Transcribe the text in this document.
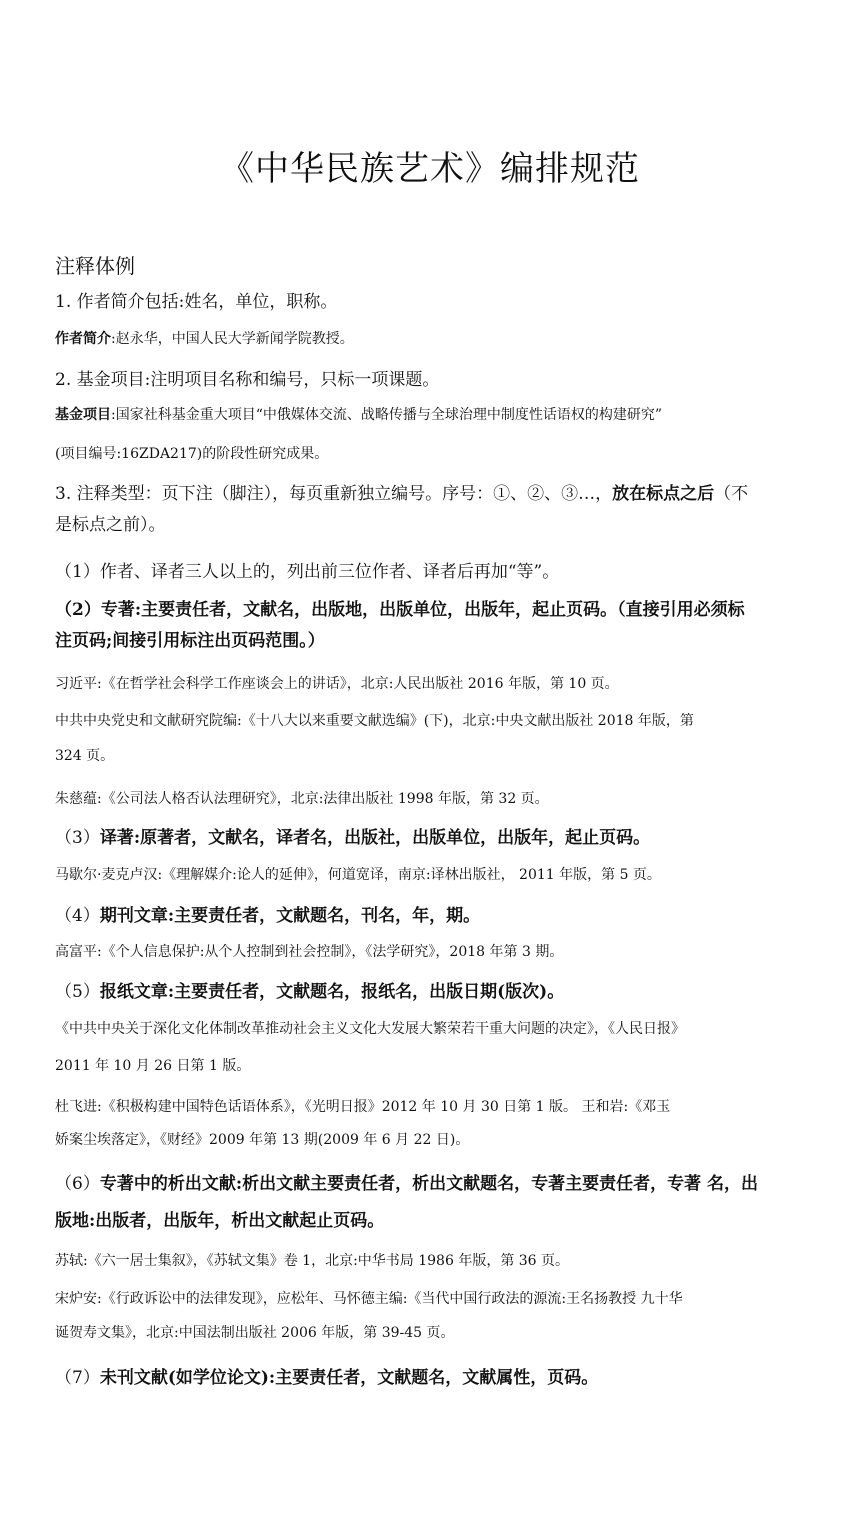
《中华民族艺术》编排规范
注释体例
1. 作者简介包括:姓名，单位，职称。
作者简介:赵永华，中国人民大学新闻学院教授。
2. 基金项目:注明项目名称和编号，只标一项课题。
基金项目:国家社科基金重大项目“中俄媒体交流、战略传播与全球治理中制度性话语权的构建研究”
(项目编号:16ZDA217)的阶段性研究成果。
3. 注释类型：页下注（脚注），每页重新独立编号。序号：①、②、③…，放在标点之后（不
是标点之前）。
（1）作者、译者三人以上的，列出前三位作者、译者后再加“等”。
（2）专著:主要责任者，文献名，出版地，出版单位，出版年，起止页码。（直接引用必须标
注页码;间接引用标注出页码范围。）
习近平:《在哲学社会科学工作座谈会上的讲话》，北京:人民出版社 2016 年版，第 10 页。
中共中央党史和文献研究院编:《十八大以来重要文献选编》(下)，北京:中央文献出版社 2018 年版，第
324 页。
朱慈蕴:《公司法人格否认法理研究》，北京:法律出版社 1998 年版，第 32 页。
（3）译著:原著者，文献名，译者名，出版社，出版单位，出版年，起止页码。
马歇尔·麦克卢汉:《理解媒介:论人的延伸》，何道宽译，南京:译林出版社， 2011 年版，第 5 页。
（4）期刊文章:主要责任者，文献题名，刊名，年，期。
高富平:《个人信息保护:从个人控制到社会控制》，《法学研究》，2018 年第 3 期。
（5）报纸文章:主要责任者，文献题名，报纸名，出版日期(版次)。
《中共中央关于深化文化体制改革推动社会主义文化大发展大繁荣若干重大问题的决定》，《人民日报》
2011 年 10 月 26 日第 1 版。
杜飞进:《积极构建中国特色话语体系》，《光明日报》2012 年 10 月 30 日第 1 版。 王和岩:《邓玉
娇案尘埃落定》，《财经》2009 年第 13 期(2009 年 6 月 22 日)。
（6）专著中的析出文献:析出文献主要责任者，析出文献题名，专著主要责任者，专著 名，出
版地:出版者，出版年，析出文献起止页码。
苏轼:《六一居士集叙》，《苏轼文集》卷 1，北京:中华书局 1986 年版，第 36 页。
宋炉安:《行政诉讼中的法律发现》，应松年、马怀德主编:《当代中国行政法的源流:王名扬教授 九十华
诞贺寿文集》，北京:中国法制出版社 2006 年版，第 39-45 页。
（7）未刊文献(如学位论文):主要责任者，文献题名，文献属性，页码。
